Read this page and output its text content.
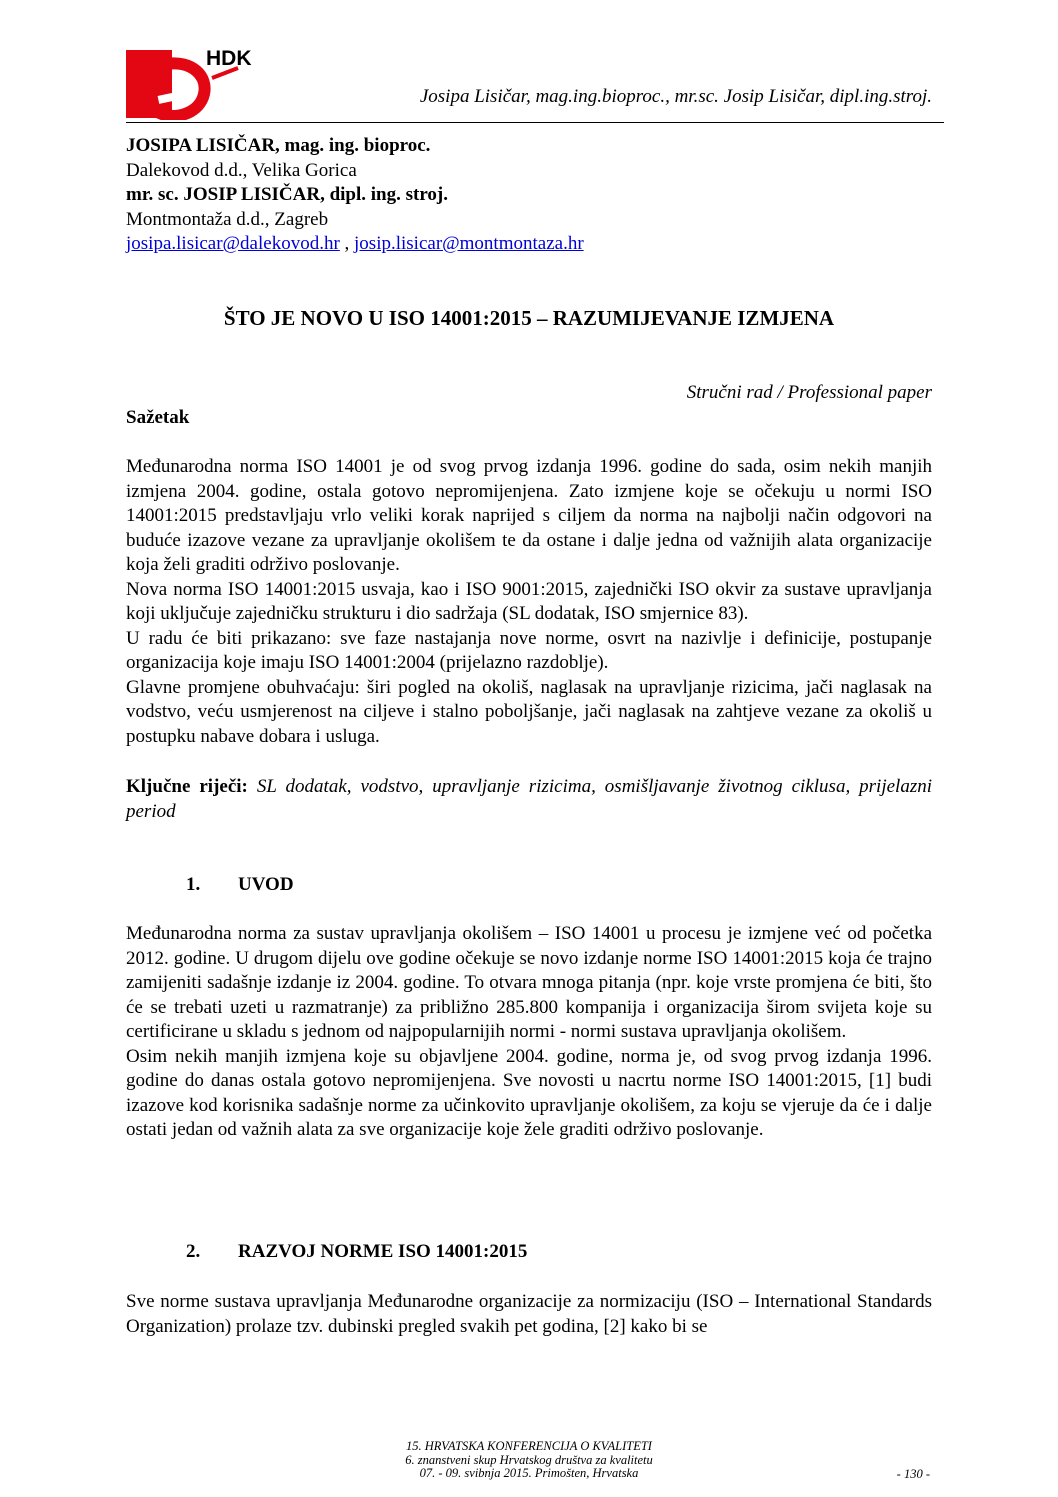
HDK
Josipa Lisičar, mag.ing.bioproc., mr.sc. Josip Lisičar, dipl.ing.stroj.
JOSIPA LISIČAR, mag. ing. bioproc.
Dalekovod d.d., Velika Gorica
mr. sc. JOSIP LISIČAR, dipl. ing. stroj.
Montmontaža d.d., Zagreb
josipa.lisicar@dalekovod.hr , josip.lisicar@montmontaza.hr
ŠTO JE NOVO U ISO 14001:2015 – RAZUMIJEVANJE IZMJENA
Stručni rad / Professional paper
Sažetak

Međunarodna norma ISO 14001 je od svog prvog izdanja 1996. godine do sada, osim nekih manjih izmjena 2004. godine, ostala gotovo nepromijenjena. Zato izmjene koje se očekuju u normi ISO 14001:2015 predstavljaju vrlo veliki korak naprijed s ciljem da norma na najbolji način odgovori na buduće izazove vezane za upravljanje okolišem te da ostane i dalje jedna od važnijih alata organizacije koja želi graditi održivo poslovanje.

Nova norma ISO 14001:2015 usvaja, kao i ISO 9001:2015, zajednički ISO okvir za sustave upravljanja koji uključuje zajedničku strukturu i dio sadržaja (SL dodatak, ISO smjernice 83).

U radu će biti prikazano: sve faze nastajanja nove norme, osvrt na nazivlje i definicije, postupanje organizacija koje imaju ISO 14001:2004 (prijelazno razdoblje).

Glavne promjene obuhvaćaju: širi pogled na okoliš, naglasak na upravljanje rizicima, jači naglasak na vodstvo, veću usmjerenost na ciljeve i stalno poboljšanje, jači naglasak na zahtjeve vezane za okoliš u postupku nabave dobara i usluga.

Ključne riječi: SL dodatak, vodstvo, upravljanje rizicima, osmišljavanje životnog ciklusa, prijelazni period

1. UVOD

Međunarodna norma za sustav upravljanja okolišem – ISO 14001 u procesu je izmjene već od početka 2012. godine. U drugom dijelu ove godine očekuje se novo izdanje norme ISO 14001:2015 koja će trajno zamijeniti sadašnje izdanje iz 2004. godine. To otvara mnoga pitanja (npr. koje vrste promjena će biti, što će se trebati uzeti u razmatranje) za približno 285.800 kompanija i organizacija širom svijeta koje su certificirane u skladu s jednom od najpopularnijih normi - normi sustava upravljanja okolišem.

Osim nekih manjih izmjena koje su objavljene 2004. godine, norma je, od svog prvog izdanja 1996. godine do danas ostala gotovo nepromijenjena. Sve novosti u nacrtu norme ISO 14001:2015, [1] budi izazove kod korisnika sadašnje norme za učinkovito upravljanje okolišem, za koju se vjeruje da će i dalje ostati jedan od važnih alata za sve organizacije koje žele graditi održivo poslovanje.

2. RAZVOJ NORME ISO 14001:2015

Sve norme sustava upravljanja Međunarodne organizacije za normizaciju (ISO – International Standards Organization) prolaze tzv. dubinski pregled svakih pet godina, [2] kako bi se

15. HRVATSKA KONFERENCIJA O KVALITETI
6. znanstveni skup Hrvatskog društva za kvalitetu
07. - 09. svibnja 2015. Primošten, Hrvatska	- 130 -
